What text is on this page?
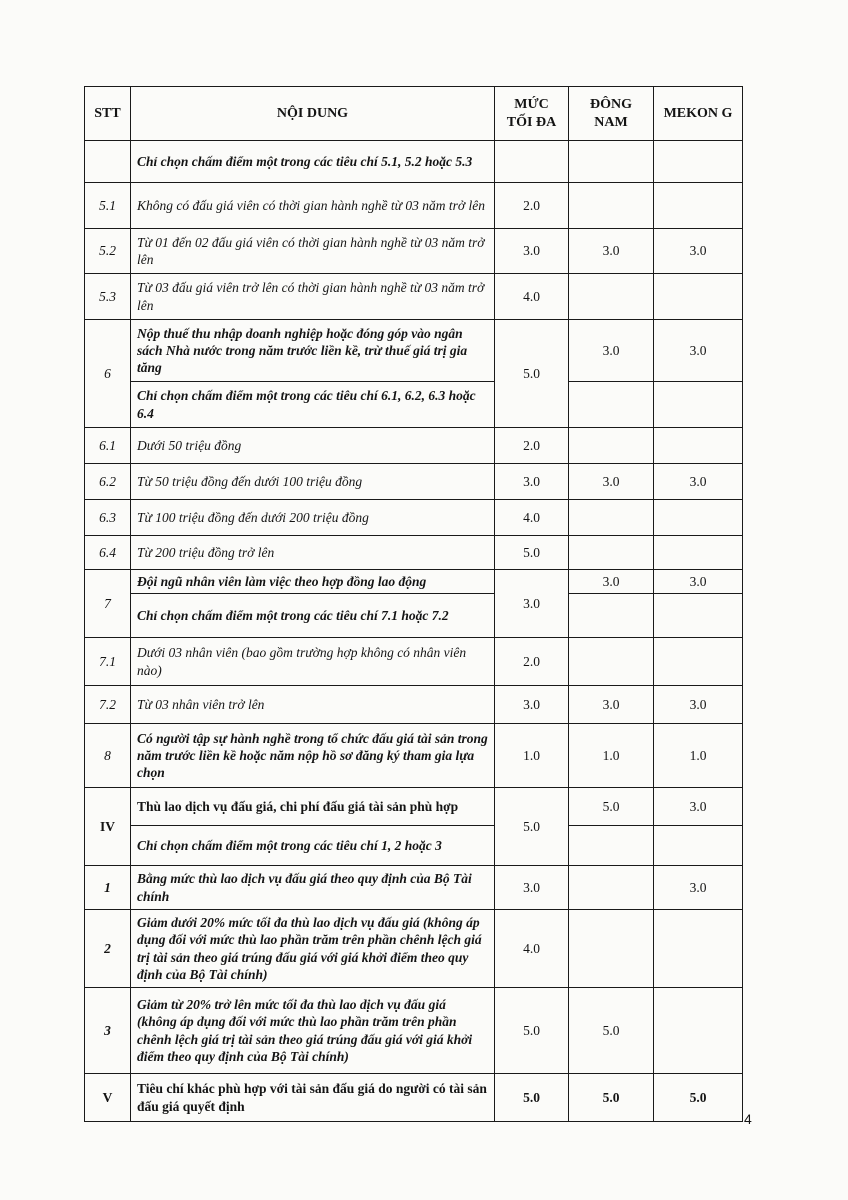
STT	NỘI DUNG	MỨC TỐI ĐA	ĐÔNG NAM	MEKON G
	Chỉ chọn chấm điểm một trong các tiêu chí 5.1, 5.2 hoặc 5.3			
5.1	Không có đấu giá viên có thời gian hành nghề từ 03 năm trở lên	2.0		
5.2	Từ 01 đến 02 đấu giá viên có thời gian hành nghề từ 03 năm trở lên	3.0	3.0	3.0
5.3	Từ 03 đấu giá viên trở lên có thời gian hành nghề từ 03 năm trở lên	4.0		
6	Nộp thuế thu nhập doanh nghiệp hoặc đóng góp vào ngân sách Nhà nước trong năm trước liền kề, trừ thuế giá trị gia tăng	5.0	3.0	3.0
	Chỉ chọn chấm điểm một trong các tiêu chí 6.1, 6.2, 6.3 hoặc 6.4			
6.1	Dưới 50 triệu đồng	2.0		
6.2	Từ 50 triệu đồng đến dưới 100 triệu đồng	3.0	3.0	3.0
6.3	Từ 100 triệu đồng đến dưới 200 triệu đồng	4.0		
6.4	Từ 200 triệu đồng trở lên	5.0		
7	Đội ngũ nhân viên làm việc theo hợp đồng lao động	3.0	3.0	3.0
	Chỉ chọn chấm điểm một trong các tiêu chí 7.1 hoặc 7.2			
7.1	Dưới 03 nhân viên (bao gồm trường hợp không có nhân viên nào)	2.0		
7.2	Từ 03 nhân viên trở lên	3.0	3.0	3.0
8	Có người tập sự hành nghề trong tổ chức đấu giá tài sản trong năm trước liền kề hoặc năm nộp hồ sơ đăng ký tham gia lựa chọn	1.0	1.0	1.0
IV	Thù lao dịch vụ đấu giá, chi phí đấu giá tài sản phù hợp	5.0	5.0	3.0
	Chỉ chọn chấm điểm một trong các tiêu chí 1, 2 hoặc 3			
1	Bằng mức thù lao dịch vụ đấu giá theo quy định của Bộ Tài chính	3.0		3.0
2	Giảm dưới 20% mức tối đa thù lao dịch vụ đấu giá (không áp dụng đối với mức thù lao phần trăm trên phần chênh lệch giá trị tài sản theo giá trúng đấu giá với giá khởi điểm theo quy định của Bộ Tài chính)	4.0		
3	Giảm từ 20% trở lên mức tối đa thù lao dịch vụ đấu giá (không áp dụng đối với mức thù lao phần trăm trên phần chênh lệch giá trị tài sản theo giá trúng đấu giá với giá khởi điểm theo quy định của Bộ Tài chính)	5.0	5.0	
V	Tiêu chí khác phù hợp với tài sản đấu giá do người có tài sản đấu giá quyết định	5.0	5.0	5.0
4
